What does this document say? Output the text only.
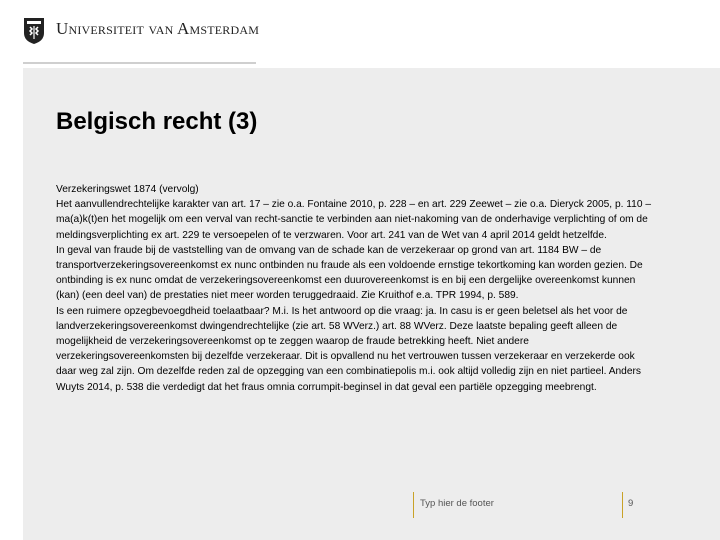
Universiteit van Amsterdam
Belgisch recht (3)

Verzekeringswet 1874 (vervolg)

Het aanvullendrechtelijke karakter van art. 17 – zie o.a. Fontaine 2010, p. 228 – en art. 229 Zeewet – zie o.a. Dieryck 2005, p. 110 – ma(a)k(t)en het mogelijk om een verval van recht-sanctie te verbinden aan niet-nakoming van de onderhavige verplichting of om de meldingsverplichting ex art. 229 te versoepelen of te verzwaren. Voor art. 241 van de Wet van 4 april 2014 geldt hetzelfde.

In geval van fraude bij de vaststelling van de omvang van de schade kan de verzekeraar op grond van art. 1184 BW – de transportverzekeringsovereenkomst ex nunc ontbinden nu fraude als een voldoende ernstige tekortkoming kan worden gezien. De ontbinding is ex nunc omdat de verzekeringsovereenkomst een duurovereenkomst is en bij een dergelijke overeenkomst kunnen (kan) (een deel van) de prestaties niet meer worden teruggedraaid. Zie Kruithof e.a. TPR 1994, p. 589.

Is een ruimere opzegbevoegdheid toelaatbaar? M.i. Is het antwoord op die vraag: ja. In casu is er geen beletsel als het voor de landverzekeringsovereenkomst dwingendrechtelijke (zie art. 58 WVerz.) art. 88 WVerz. Deze laatste bepaling geeft alleen de mogelijkheid de verzekeringsovereenkomst op te zeggen waarop de fraude betrekking heeft. Niet andere verzekeringsovereenkomsten bij dezelfde verzekeraar. Dit is opvallend nu het vertrouwen tussen verzekeraar en verzekerde ook daar weg zal zijn. Om dezelfde reden zal de opzegging van een combinatiepolis m.i. ook altijd volledig zijn en niet partieel. Anders Wuyts 2014, p. 538 die verdedigt dat het fraus omnia corrumpit-beginsel in dat geval een partiële opzegging meebrengt.

Typ hier de footer	9
